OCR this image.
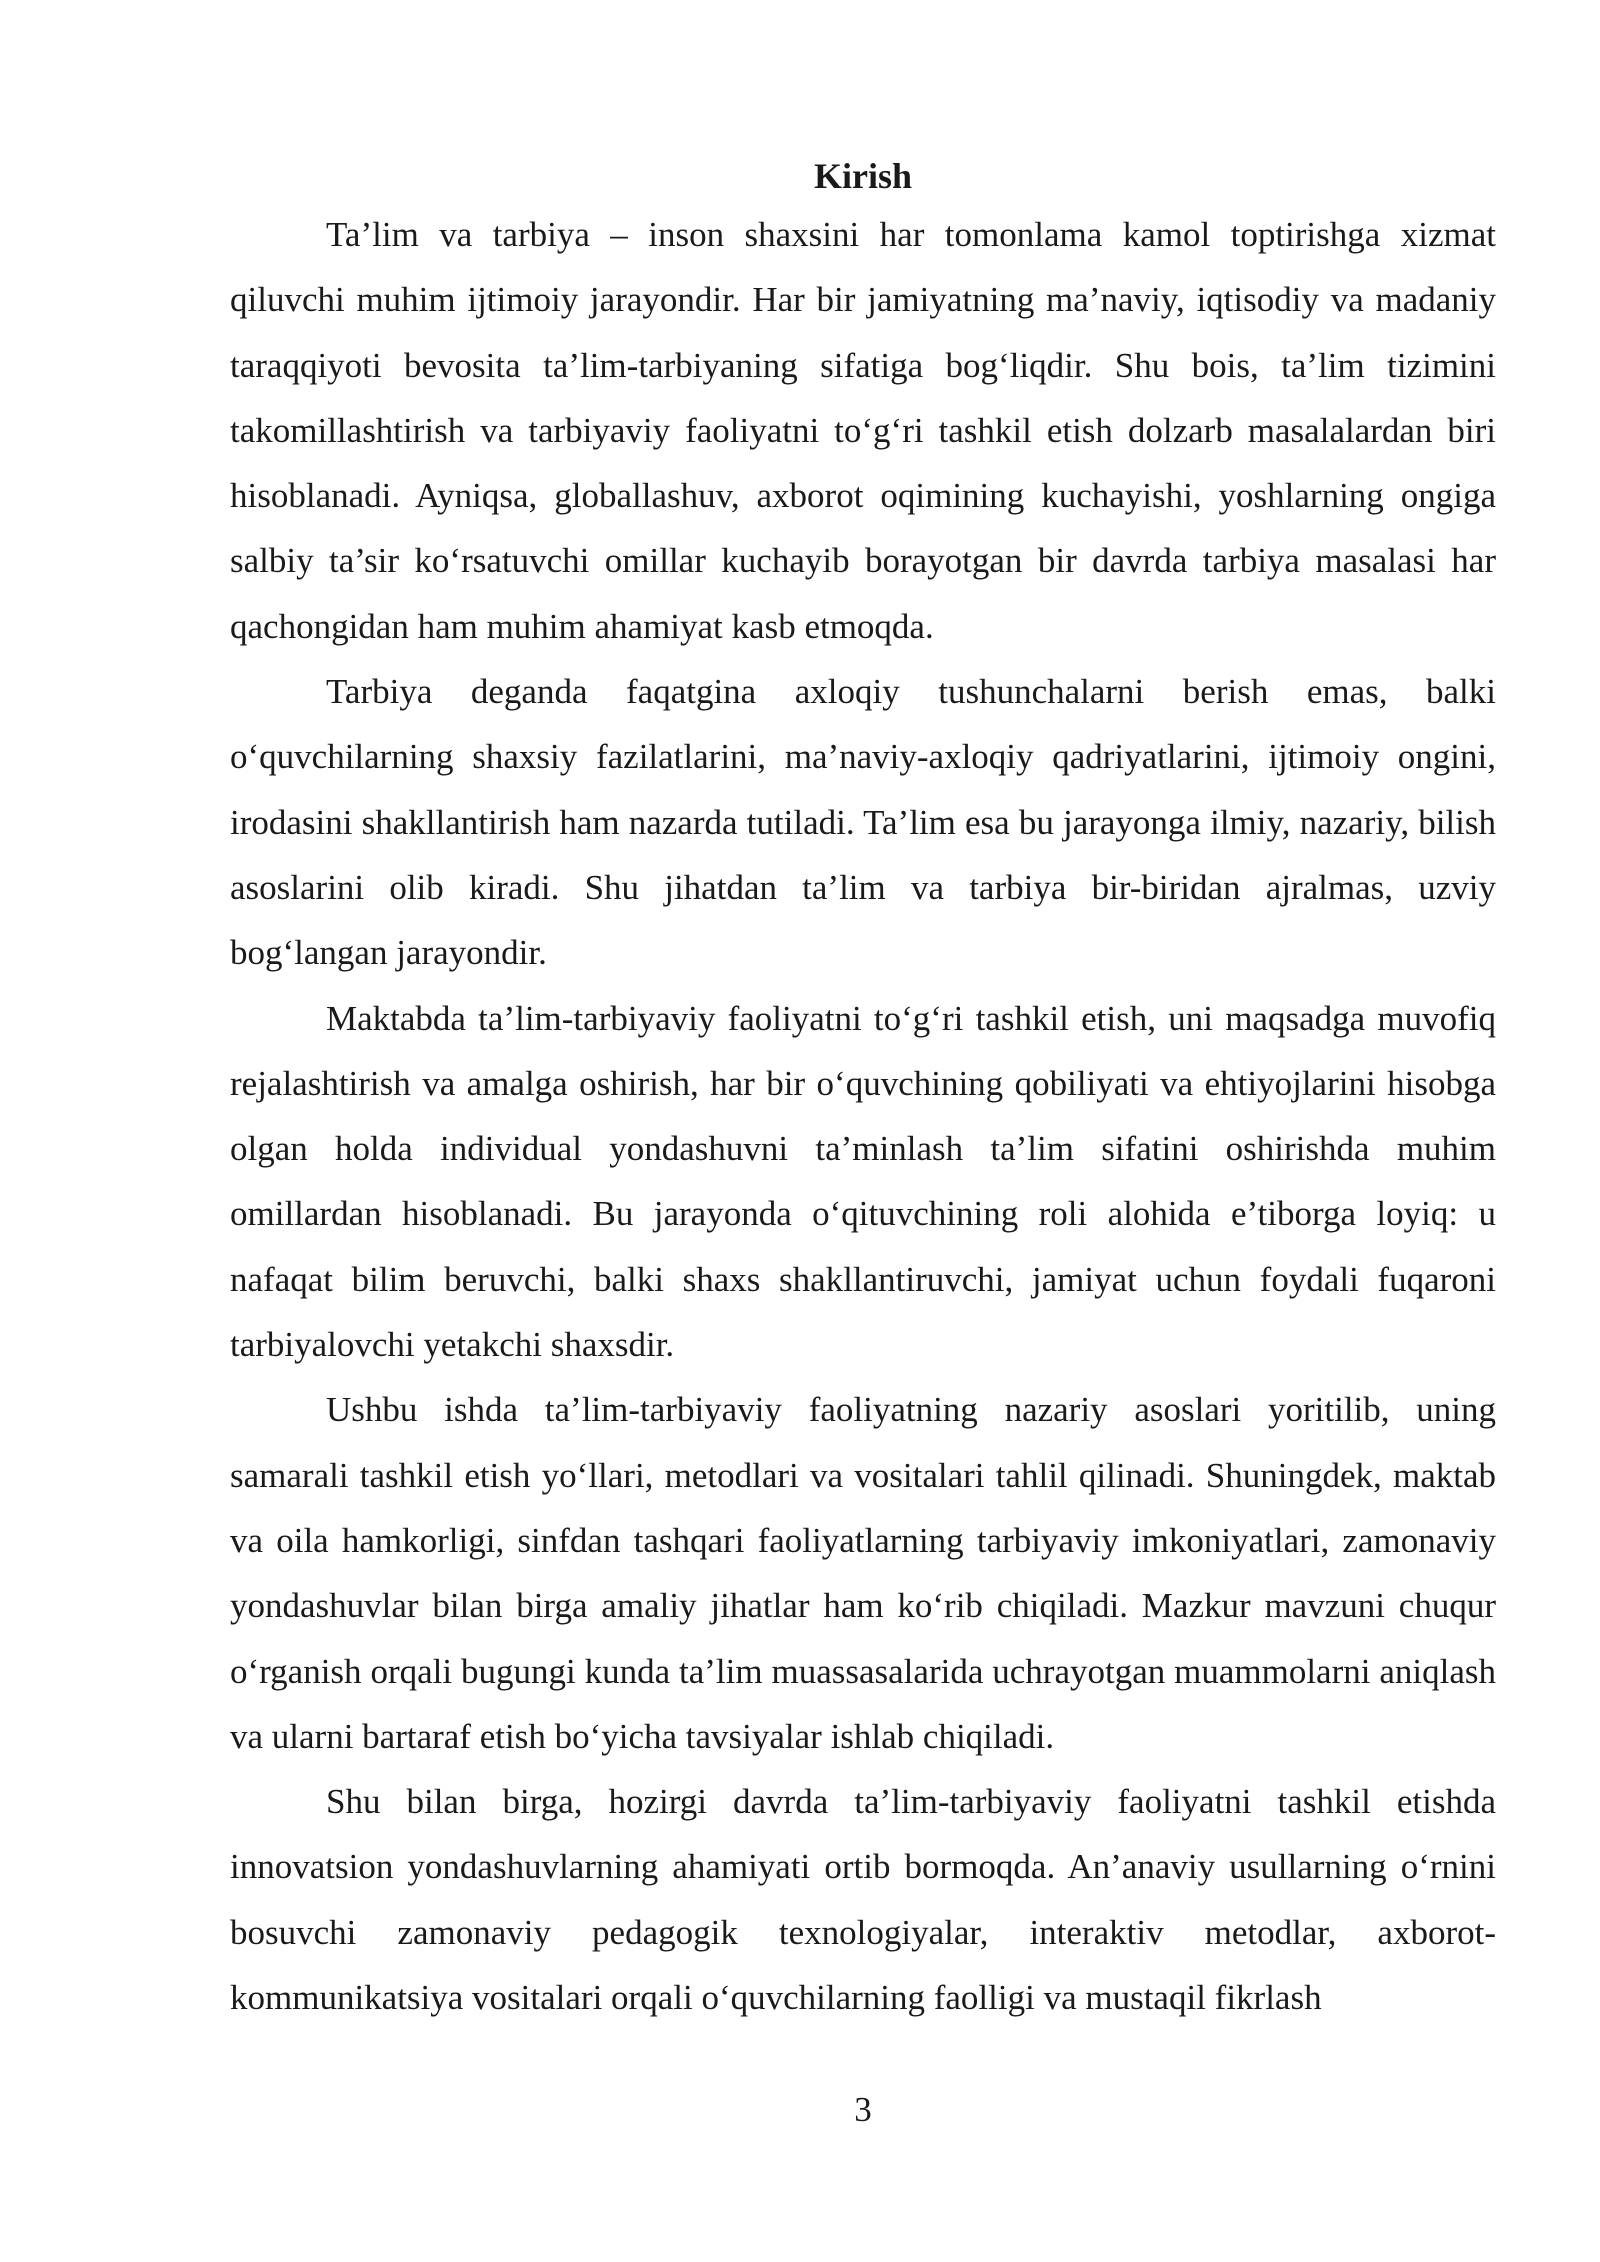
Kirish

Ta’lim va tarbiya – inson shaxsini har tomonlama kamol toptirishga xizmat qiluvchi muhim ijtimoiy jarayondir. Har bir jamiyatning ma’naviy, iqtisodiy va madaniy taraqqiyoti bevosita ta’lim-tarbiyaning sifatiga bog‘liqdir. Shu bois, ta’lim tizimini takomillashtirish va tarbiyaviy faoliyatni to‘g‘ri tashkil etish dolzarb masalalardan biri hisoblanadi. Ayniqsa, globallashuv, axborot oqimining kuchayishi, yoshlarning ongiga salbiy ta’sir ko‘rsatuvchi omillar kuchayib borayotgan bir davrda tarbiya masalasi har qachongidan ham muhim ahamiyat kasb etmoqda.

Tarbiya deganda faqatgina axloqiy tushunchalarni berish emas, balki o‘quvchilarning shaxsiy fazilatlarini, ma’naviy-axloqiy qadriyatlarini, ijtimoiy ongini, irodasini shakllantirish ham nazarda tutiladi. Ta’lim esa bu jarayonga ilmiy, nazariy, bilish asoslarini olib kiradi. Shu jihatdan ta’lim va tarbiya bir-biridan ajralmas, uzviy bog‘langan jarayondir.

Maktabda ta’lim-tarbiyaviy faoliyatni to‘g‘ri tashkil etish, uni maqsadga muvofiq rejalashtirish va amalga oshirish, har bir o‘quvchining qobiliyati va ehtiyojlarini hisobga olgan holda individual yondashuvni ta’minlash ta’lim sifatini oshirishda muhim omillardan hisoblanadi. Bu jarayonda o‘qituvchining roli alohida e’tiborga loyiq: u nafaqat bilim beruvchi, balki shaxs shakllantiruvchi, jamiyat uchun foydali fuqaroni tarbiyalovchi yetakchi shaxsdir.

Ushbu ishda ta’lim-tarbiyaviy faoliyatning nazariy asoslari yoritilib, uning samarali tashkil etish yo‘llari, metodlari va vositalari tahlil qilinadi. Shuningdek, maktab va oila hamkorligi, sinfdan tashqari faoliyatlarning tarbiyaviy imkoniyatlari, zamonaviy yondashuvlar bilan birga amaliy jihatlar ham ko‘rib chiqiladi. Mazkur mavzuni chuqur o‘rganish orqali bugungi kunda ta’lim muassasalarida uchrayotgan muammolarni aniqlash va ularni bartaraf etish bo‘yicha tavsiyalar ishlab chiqiladi.

Shu bilan birga, hozirgi davrda ta’lim-tarbiyaviy faoliyatni tashkil etishda innovatsion yondashuvlarning ahamiyati ortib bormoqda. An’anaviy usullarning o‘rnini bosuvchi zamonaviy pedagogik texnologiyalar, interaktiv metodlar, axborot-kommunikatsiya vositalari orqali o‘quvchilarning faolligi va mustaqil fikrlash

3
